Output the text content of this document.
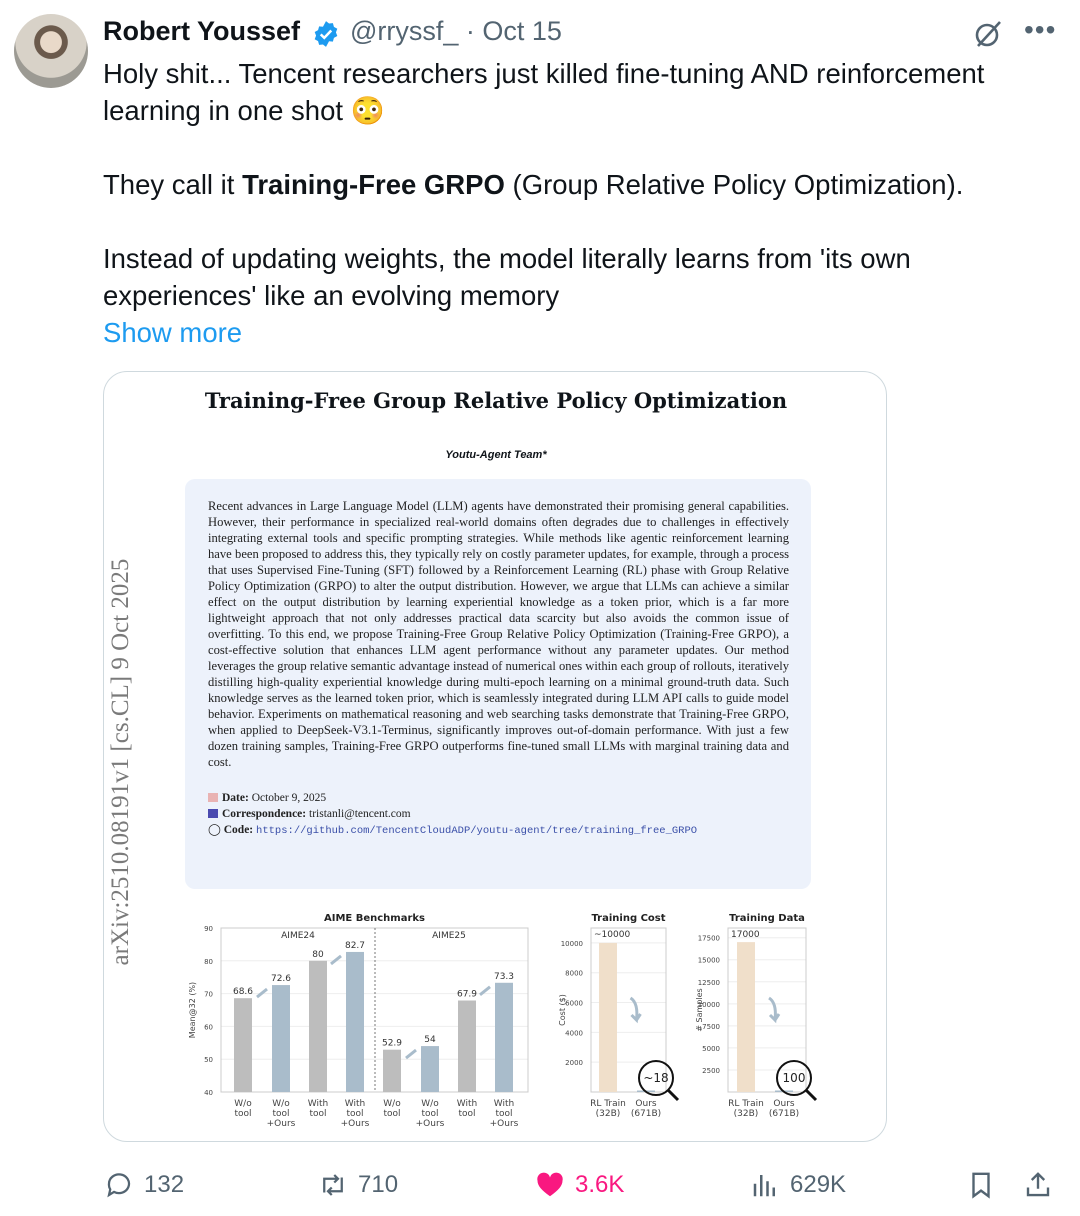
Robert Youssef @rryssf_ · Oct 15	•••

Holy shit... Tencent researchers just killed fine-tuning AND reinforcement learning in one shot 😳

They call it Training-Free GRPO (Group Relative Policy Optimization).

Instead of updating weights, the model literally learns from 'its own experiences' like an evolving memory

Show more
Training-Free Group Relative Policy Optimization
Youtu-Agent Team*
arXiv:2510.08191v1 [cs.CL] 9 Oct 2025
Recent advances in Large Language Model (LLM) agents have demonstrated their promising general capabilities. However, their performance in specialized real-world domains often degrades due to challenges in effectively integrating external tools and specific prompting strategies. While methods like agentic reinforcement learning have been proposed to address this, they typically rely on costly parameter updates, for example, through a process that uses Supervised Fine-Tuning (SFT) followed by a Reinforcement Learning (RL) phase with Group Relative Policy Optimization (GRPO) to alter the output distribution. However, we argue that LLMs can achieve a similar effect on the output distribution by learning experiential knowledge as a token prior, which is a far more lightweight approach that not only addresses practical data scarcity but also avoids the common issue of overfitting. To this end, we propose Training-Free Group Relative Policy Optimization (Training-Free GRPO), a cost-effective solution that enhances LLM agent performance without any parameter updates. Our method leverages the group relative semantic advantage instead of numerical ones within each group of rollouts, iteratively distilling high-quality experiential knowledge during multi-epoch learning on a minimal ground-truth data. Such knowledge serves as the learned token prior, which is seamlessly integrated during LLM API calls to guide model behavior. Experiments on mathematical reasoning and web searching tasks demonstrate that Training-Free GRPO, when applied to DeepSeek-V3.1-Terminus, significantly improves out-of-domain performance. With just a few dozen training samples, Training-Free GRPO outperforms fine-tuned small LLMs with marginal training data and cost.
Date: October 9, 2025
Correspondence: tristanli@tencent.com
◯ Code: https://github.com/TencentCloudADP/youtu-agent/tree/training_free_GRPO
40
50
60
70
80
90
AIME Benchmarks
Mean@32 (%)
W/o
tool
W/o
tool
+Ours
With
tool
With
tool
+Ours
W/o
tool
W/o
tool
+Ours
With
tool
With
tool
+Ours
AIME24	AIME25
68.6
72.6
80
82.7
52.9 54
67.9
73.3
2000
4000
6000
8000
10000
Training Cost
Cost ($)
RL Train
(32B)
Ours
(671B)
~10000
~18
2500
5000
7500
10000
12500
15000
17500
Training Data
# Samples
RL Train
(32B)
Ours
(671B)
17000
100
132	710	3.6K	629K
